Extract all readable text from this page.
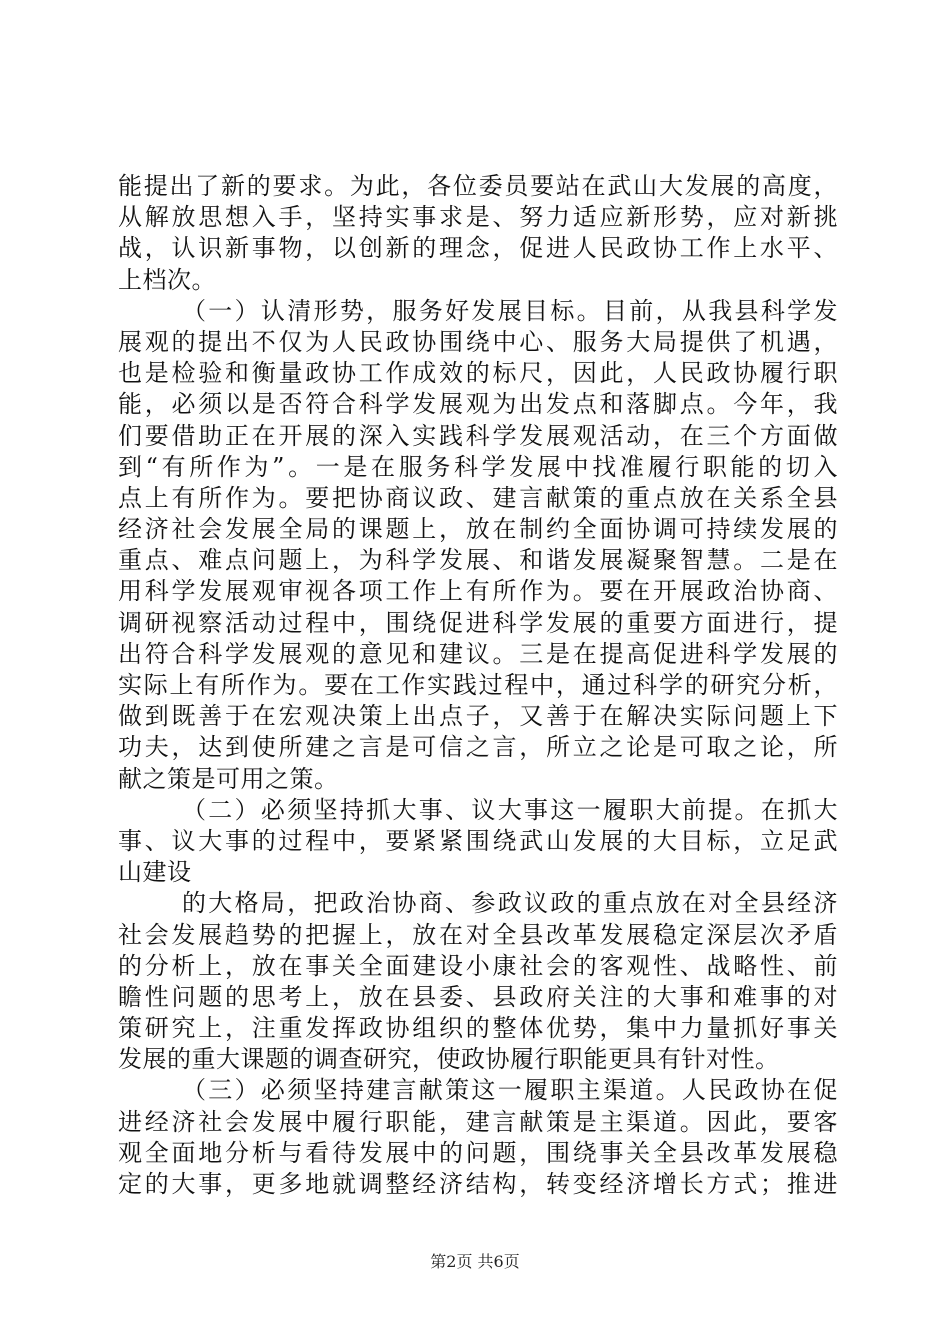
能提出了新的要求。为此，各位委员要站在武山大发展的高度，
从解放思想入手，坚持实事求是、努力适应新形势，应对新挑
战，认识新事物，以创新的理念，促进人民政协工作上水平、
上档次。
（一）认清形势，服务好发展目标。目前，从我县科学发
展观的提出不仅为人民政协围绕中心、服务大局提供了机遇，
也是检验和衡量政协工作成效的标尺，因此，人民政协履行职
能，必须以是否符合科学发展观为出发点和落脚点。今年，我
们要借助正在开展的深入实践科学发展观活动，在三个方面做
到“有所作为”。一是在服务科学发展中找准履行职能的切入
点上有所作为。要把协商议政、建言献策的重点放在关系全县
经济社会发展全局的课题上，放在制约全面协调可持续发展的
重点、难点问题上，为科学发展、和谐发展凝聚智慧。二是在
用科学发展观审视各项工作上有所作为。要在开展政治协商、
调研视察活动过程中，围绕促进科学发展的重要方面进行，提
出符合科学发展观的意见和建议。三是在提高促进科学发展的
实际上有所作为。要在工作实践过程中，通过科学的研究分析，
做到既善于在宏观决策上出点子，又善于在解决实际问题上下
功夫，达到使所建之言是可信之言，所立之论是可取之论，所
献之策是可用之策。
（二）必须坚持抓大事、议大事这一履职大前提。在抓大
事、议大事的过程中，要紧紧围绕武山发展的大目标，立足武
山建设
的大格局，把政治协商、参政议政的重点放在对全县经济
社会发展趋势的把握上，放在对全县改革发展稳定深层次矛盾
的分析上，放在事关全面建设小康社会的客观性、战略性、前
瞻性问题的思考上，放在县委、县政府关注的大事和难事的对
策研究上，注重发挥政协组织的整体优势，集中力量抓好事关
发展的重大课题的调查研究，使政协履行职能更具有针对性。
（三）必须坚持建言献策这一履职主渠道。人民政协在促
进经济社会发展中履行职能，建言献策是主渠道。因此，要客
观全面地分析与看待发展中的问题，围绕事关全县改革发展稳
定的大事，更多地就调整经济结构，转变经济增长方式；推进
第2页 共6页
